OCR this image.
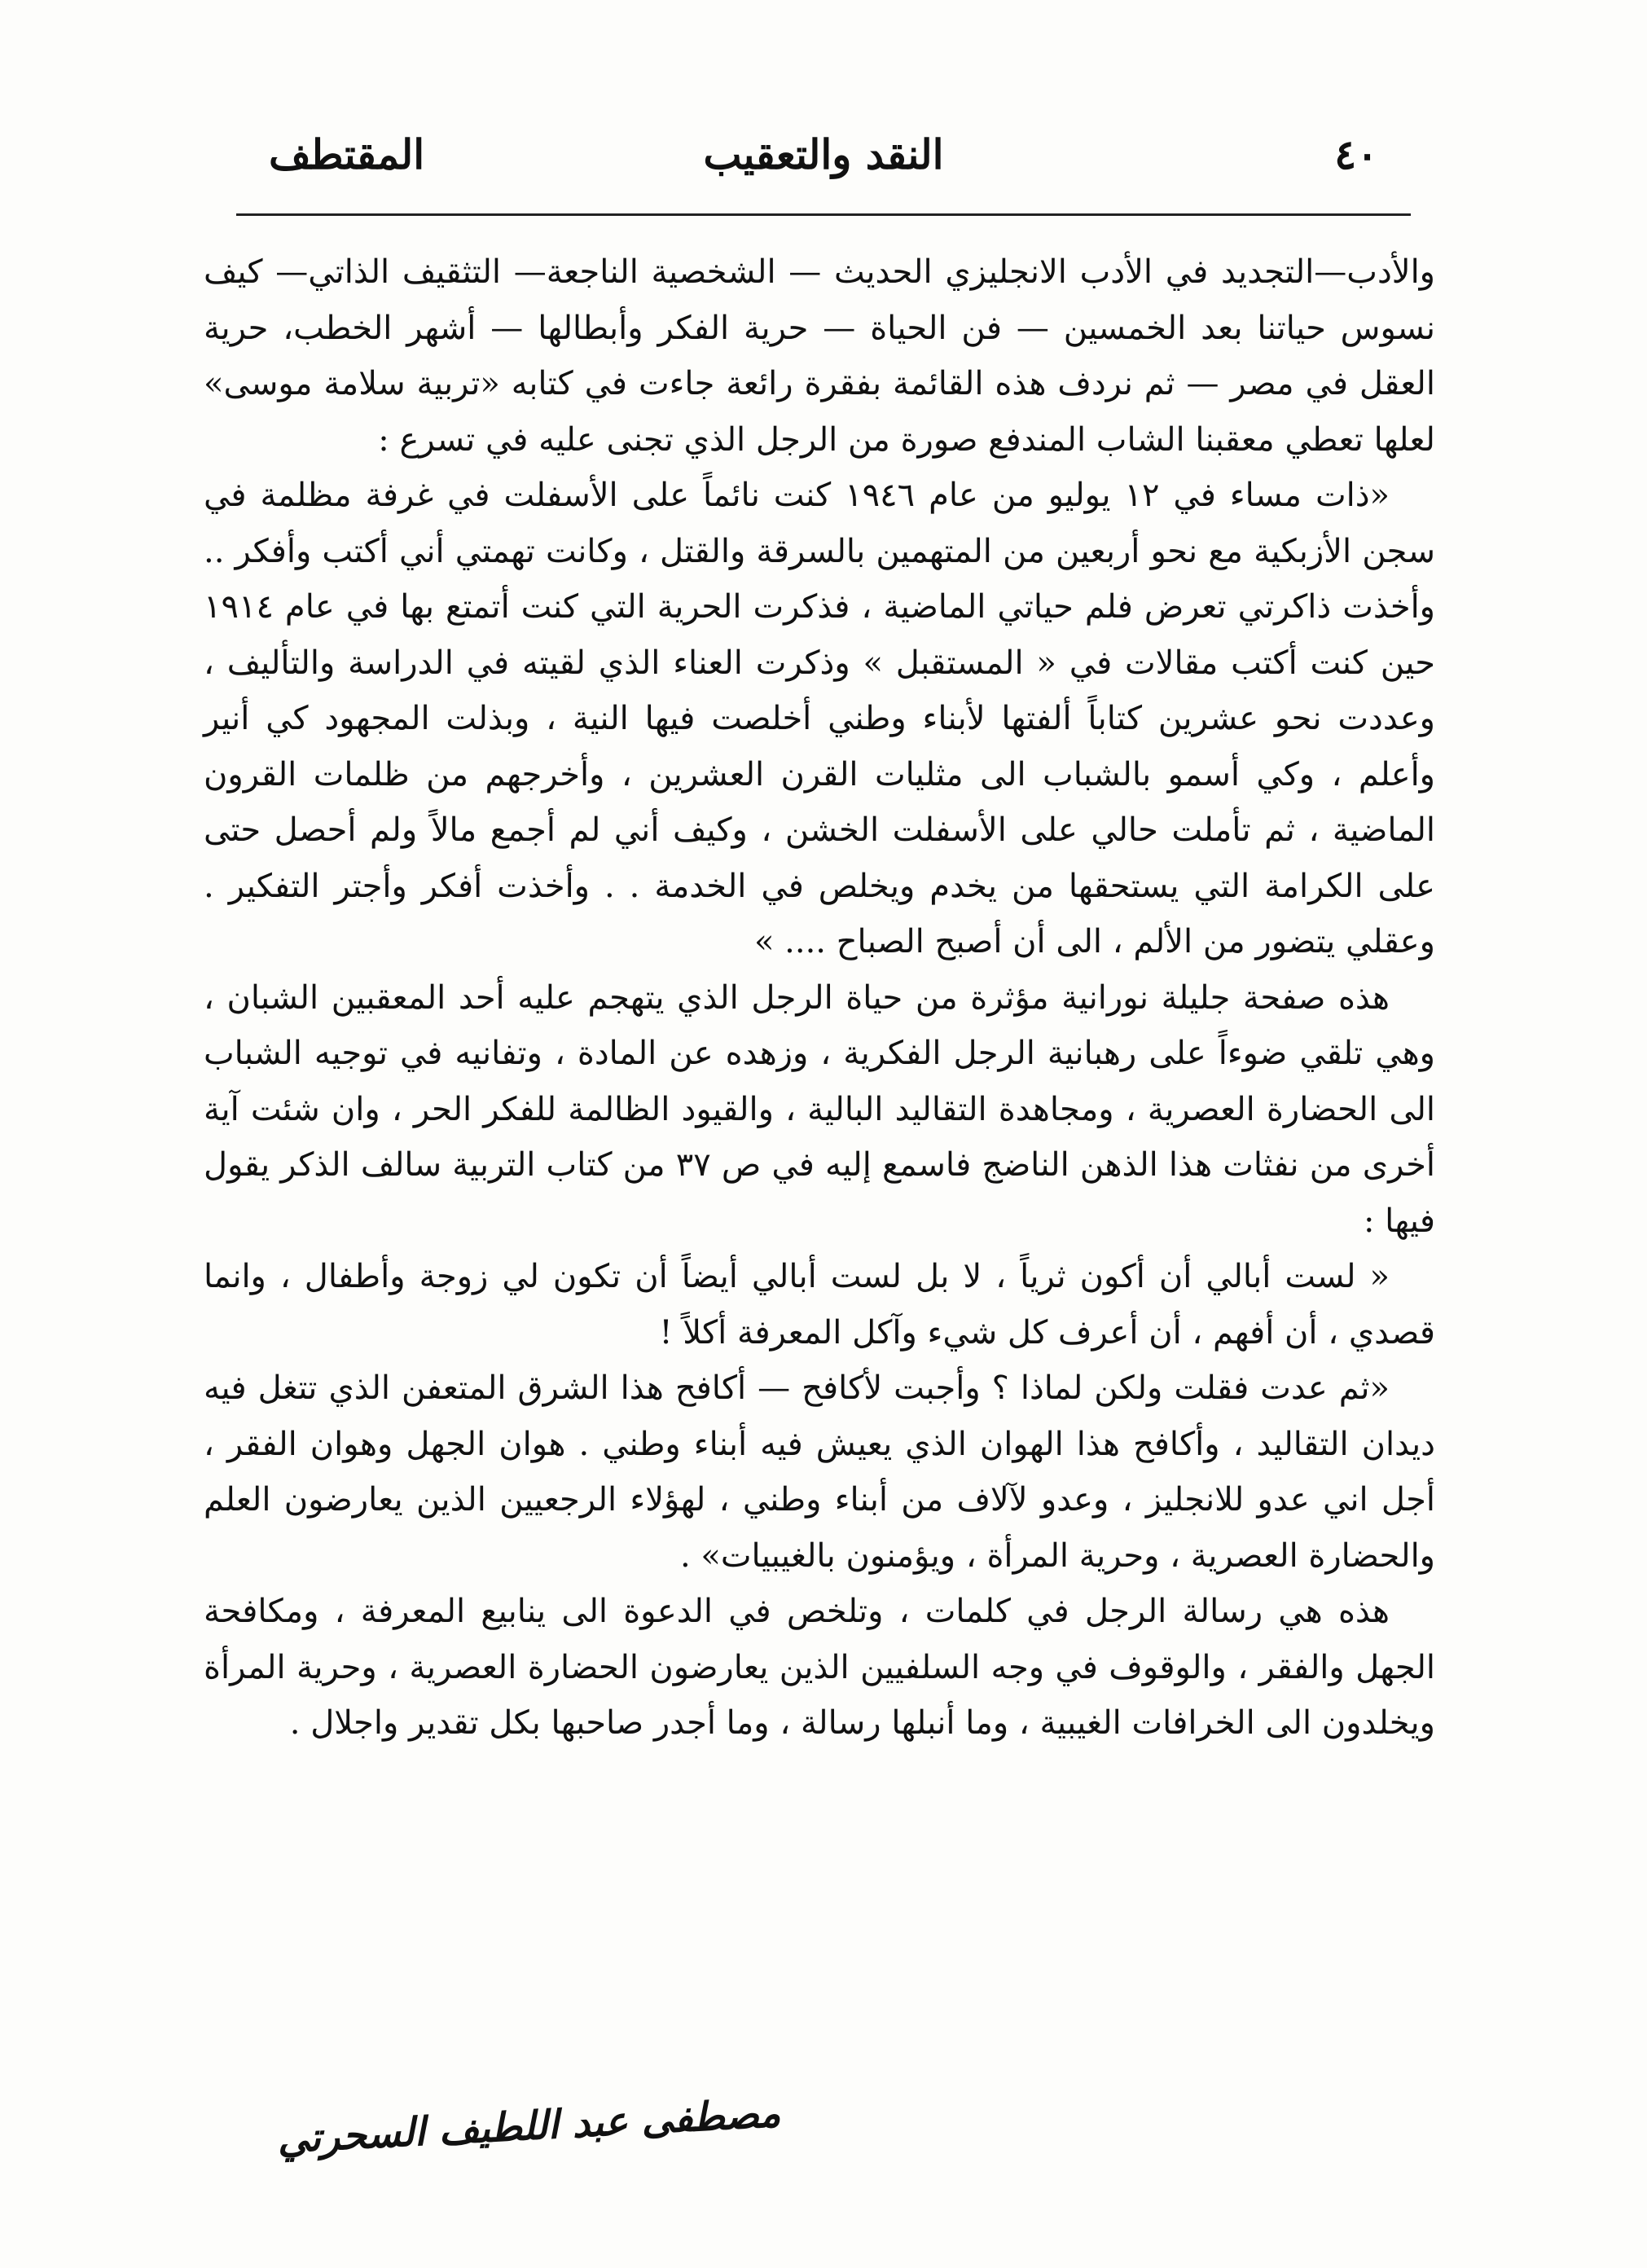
٤٠
النقد والتعقيب
المقتطف

والأدب—التجديد في الأدب الانجليزي الحديث — الشخصية الناجعة— التثقيف الذاتي— كيف نسوس حياتنا بعد الخمسين — فن الحياة — حرية الفكر وأبطالها — أشهر الخطب، حرية العقل في مصر — ثم نردف هذه القائمة بفقرة رائعة جاءت في كتابه «تربية سلامة موسى» لعلها تعطي معقبنا الشاب المندفع صورة من الرجل الذي تجنى عليه في تسرع :

«ذات مساء في ١٢ يوليو من عام ١٩٤٦ كنت نائماً على الأسفلت في غرفة مظلمة في سجن الأزبكية مع نحو أربعين من المتهمين بالسرقة والقتل ، وكانت تهمتي أني أكتب وأفكر .. وأخذت ذاكرتي تعرض فلم حياتي الماضية ، فذكرت الحرية التي كنت أتمتع بها في عام ١٩١٤ حين كنت أكتب مقالات في « المستقبل » وذكرت العناء الذي لقيته في الدراسة والتأليف ، وعددت نحو عشرين كتاباً ألفتها لأبناء وطني أخلصت فيها النية ، وبذلت المجهود كي أنير وأعلم ، وكي أسمو بالشباب الى مثليات القرن العشرين ، وأخرجهم من ظلمات القرون الماضية ، ثم تأملت حالي على الأسفلت الخشن ، وكيف أني لم أجمع مالاً ولم أحصل حتى على الكرامة التي يستحقها من يخدم ويخلص في الخدمة . . وأخذت أفكر وأجتر التفكير . وعقلي يتضور من الألم ، الى أن أصبح الصباح .... »

هذه صفحة جليلة نورانية مؤثرة من حياة الرجل الذي يتهجم عليه أحد المعقبين الشبان ، وهي تلقي ضوءاً على رهبانية الرجل الفكرية ، وزهده عن المادة ، وتفانيه في توجيه الشباب الى الحضارة العصرية ، ومجاهدة التقاليد البالية ، والقيود الظالمة للفكر الحر ، وان شئت آية أخرى من نفثات هذا الذهن الناضج فاسمع إليه في ص ٣٧ من كتاب التربية سالف الذكر يقول فيها :

« لست أبالي أن أكون ثرياً ، لا بل لست أبالي أيضاً أن تكون لي زوجة وأطفال ، وانما قصدي ، أن أفهم ، أن أعرف كل شيء وآكل المعرفة أكلاً !

«ثم عدت فقلت ولكن لماذا ؟ وأجبت لأكافح — أكافح هذا الشرق المتعفن الذي تتغل فيه ديدان التقاليد ، وأكافح هذا الهوان الذي يعيش فيه أبناء وطني . هوان الجهل وهوان الفقر ، أجل اني عدو للانجليز ، وعدو لآلاف من أبناء وطني ، لهؤلاء الرجعيين الذين يعارضون العلم والحضارة العصرية ، وحرية المرأة ، ويؤمنون بالغيبيات» .

هذه هي رسالة الرجل في كلمات ، وتلخص في الدعوة الى ينابيع المعرفة ، ومكافحة الجهل والفقر ، والوقوف في وجه السلفيين الذين يعارضون الحضارة العصرية ، وحرية المرأة ويخلدون الى الخرافات الغيبية ، وما أنبلها رسالة ، وما أجدر صاحبها بكل تقدير واجلال .

مصطفى عبد اللطيف السحرتي
